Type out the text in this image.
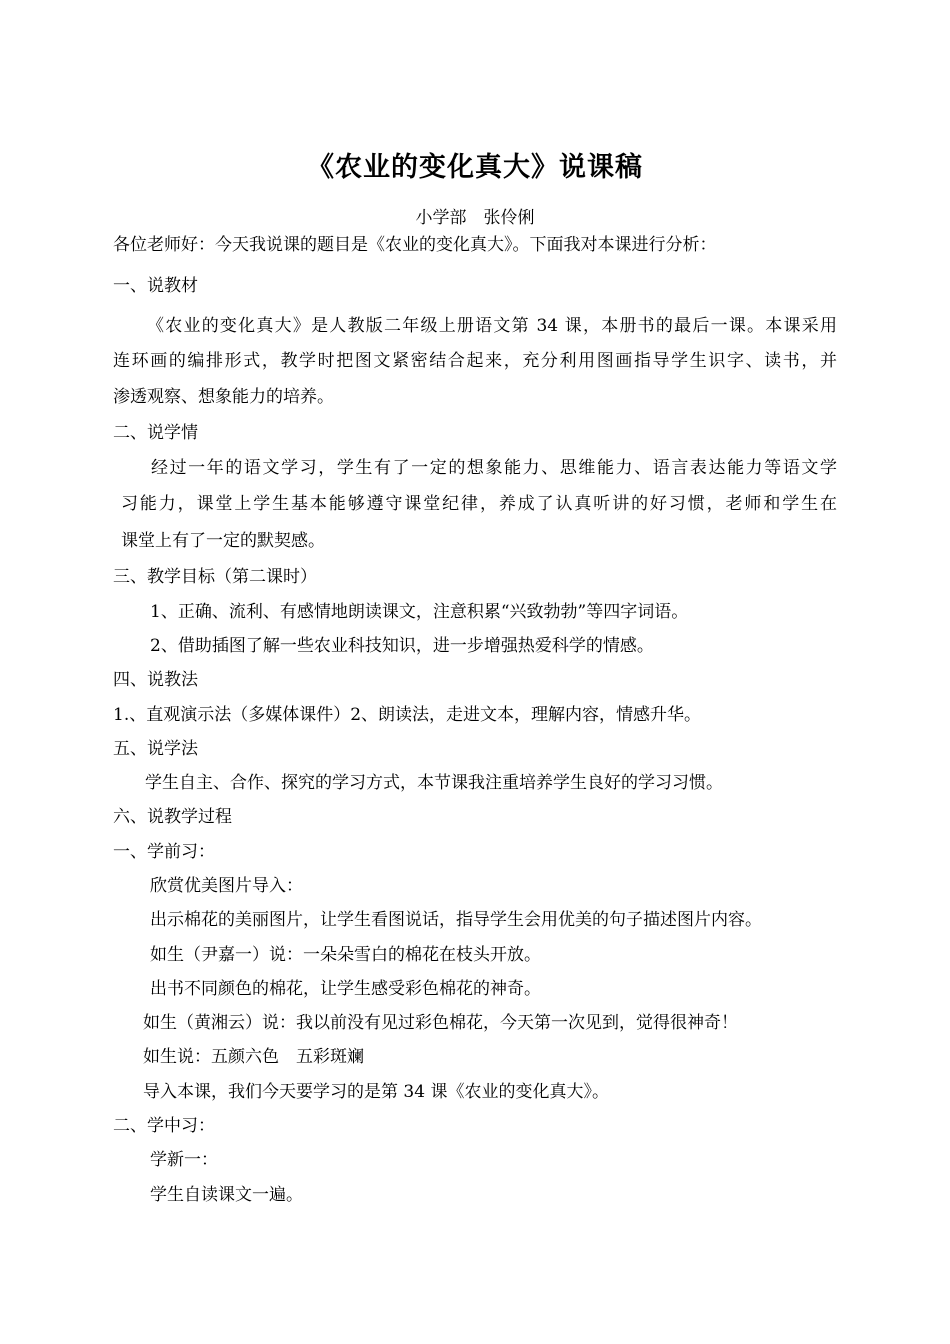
《农业的变化真大》说课稿
小学部　张伶俐
各位老师好：今天我说课的题目是《农业的变化真大》。下面我对本课进行分析：
一、说教材
《农业的变化真大》是人教版二年级上册语文第 34 课，本册书的最后一课。本课采用
连环画的编排形式，教学时把图文紧密结合起来，充分利用图画指导学生识字、读书，并
渗透观察、想象能力的培养。
二、说学情
经过一年的语文学习，学生有了一定的想象能力、思维能力、语言表达能力等语文学
习能力，课堂上学生基本能够遵守课堂纪律，养成了认真听讲的好习惯，老师和学生在
课堂上有了一定的默契感。
三、教学目标（第二课时）
1、正确、流利、有感情地朗读课文，注意积累“兴致勃勃”等四字词语。
2、借助插图了解一些农业科技知识，进一步增强热爱科学的情感。
四、说教法
1.、直观演示法（多媒体课件）2、朗读法，走进文本，理解内容，情感升华。
五、说学法
学生自主、合作、探究的学习方式，本节课我注重培养学生良好的学习习惯。
六、说教学过程
一、学前习：
欣赏优美图片导入：
出示棉花的美丽图片，让学生看图说话，指导学生会用优美的句子描述图片内容。
如生（尹嘉一）说：一朵朵雪白的棉花在枝头开放。
出书不同颜色的棉花，让学生感受彩色棉花的神奇。
如生（黄湘云）说：我以前没有见过彩色棉花，今天第一次见到，觉得很神奇！
如生说：五颜六色　五彩斑斓
导入本课，我们今天要学习的是第 34 课《农业的变化真大》。
二、学中习：
学新一：
学生自读课文一遍。
